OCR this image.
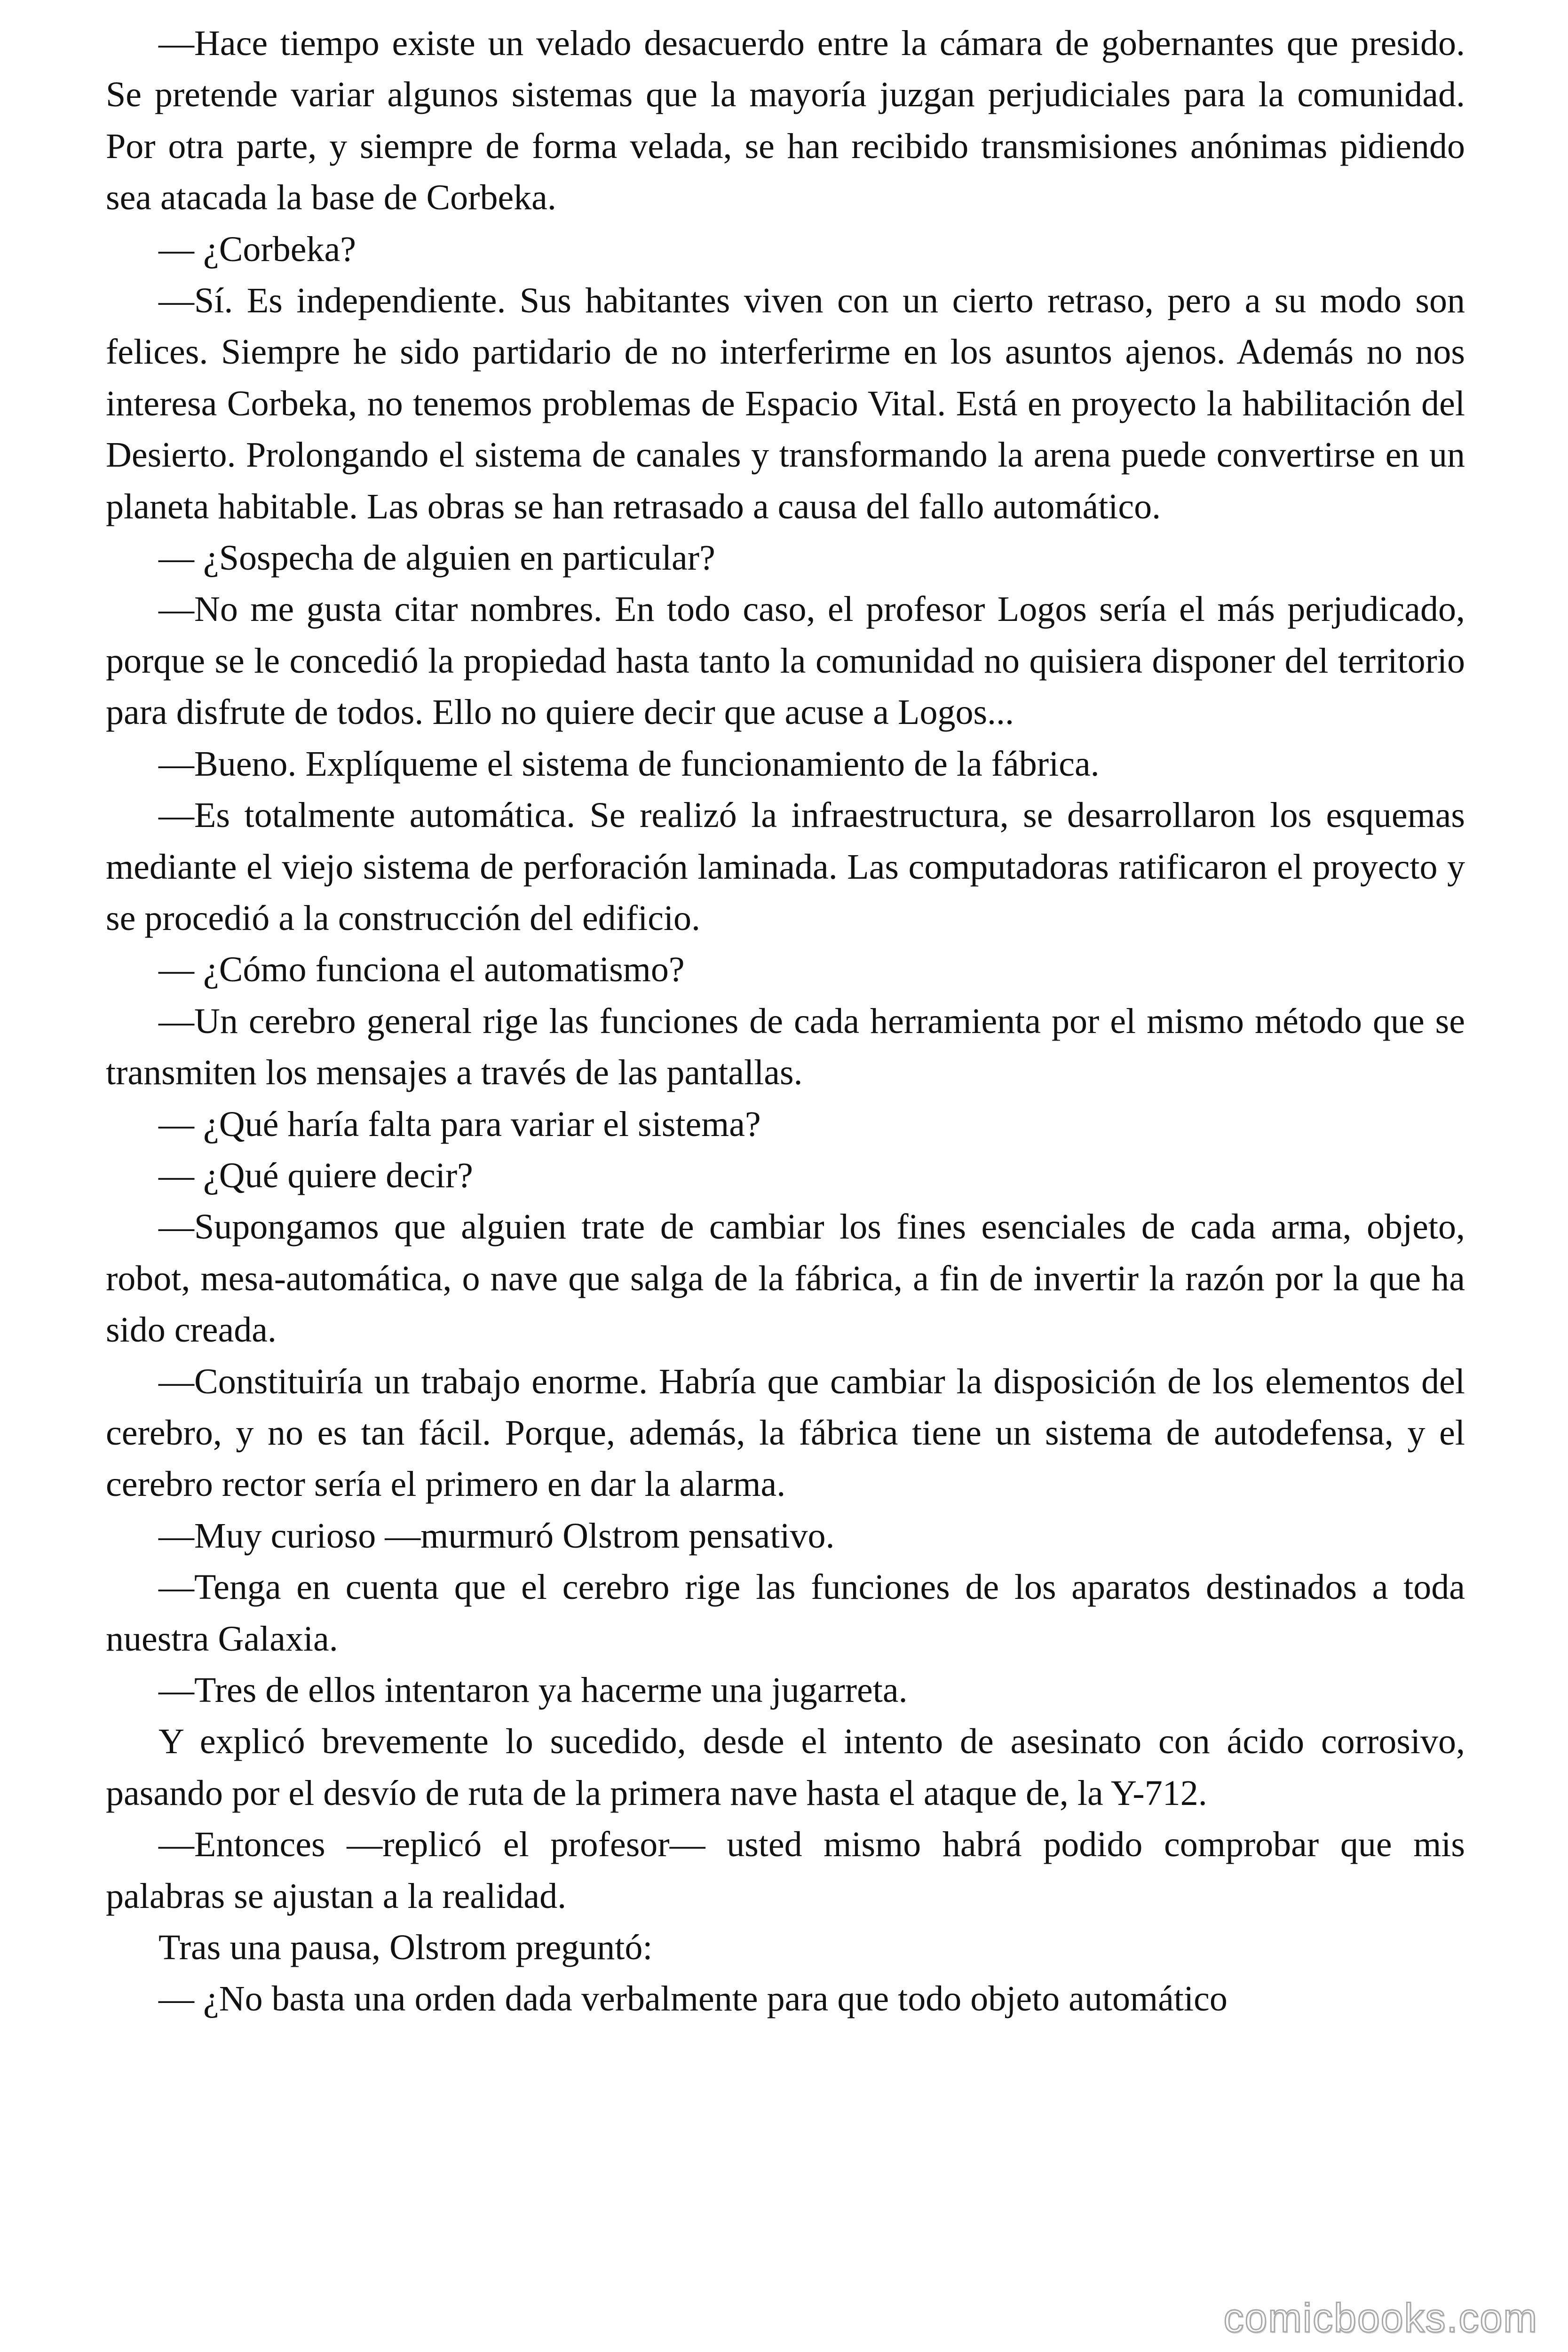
—Hace tiempo existe un velado desacuerdo entre la cámara de gobernantes que presido. Se pretende variar algunos sistemas que la mayoría juzgan perjudiciales para la comunidad. Por otra parte, y siempre de forma velada, se han recibido transmisiones anónimas pidiendo sea atacada la base de Corbeka.

— ¿Corbeka?

—Sí. Es independiente. Sus habitantes viven con un cierto retraso, pero a su modo son felices. Siempre he sido partidario de no interferirme en los asuntos ajenos. Además no nos interesa Corbeka, no tenemos problemas de Espacio Vital. Está en proyecto la habilitación del Desierto. Prolongando el sistema de canales y transformando la arena puede convertirse en un planeta habitable. Las obras se han retrasado a causa del fallo automático.

— ¿Sospecha de alguien en particular?

—No me gusta citar nombres. En todo caso, el profesor Logos sería el más perjudicado, porque se le concedió la propiedad hasta tanto la comunidad no quisiera disponer del territorio para disfrute de todos. Ello no quiere decir que acuse a Logos...

—Bueno. Explíqueme el sistema de funcionamiento de la fábrica.

—Es totalmente automática. Se realizó la infraestructura, se desarrollaron los esquemas mediante el viejo sistema de perforación laminada. Las computadoras ratificaron el proyecto y se procedió a la construcción del edificio.

— ¿Cómo funciona el automatismo?

—Un cerebro general rige las funciones de cada herramienta por el mismo método que se transmiten los mensajes a través de las pantallas.

— ¿Qué haría falta para variar el sistema?

— ¿Qué quiere decir?

—Supongamos que alguien trate de cambiar los fines esenciales de cada arma, objeto, robot, mesa-automática, o nave que salga de la fábrica, a fin de invertir la razón por la que ha sido creada.

—Constituiría un trabajo enorme. Habría que cambiar la disposición de los elementos del cerebro, y no es tan fácil. Porque, además, la fábrica tiene un sistema de autodefensa, y el cerebro rector sería el primero en dar la alarma.

—Muy curioso —murmuró Olstrom pensativo.

—Tenga en cuenta que el cerebro rige las funciones de los aparatos destinados a toda nuestra Galaxia.

—Tres de ellos intentaron ya hacerme una jugarreta.

Y explicó brevemente lo sucedido, desde el intento de asesinato con ácido corrosivo, pasando por el desvío de ruta de la primera nave hasta el ataque de, la Y-712.

—Entonces —replicó el profesor— usted mismo habrá podido comprobar que mis palabras se ajustan a la realidad.

Tras una pausa, Olstrom preguntó:

— ¿No basta una orden dada verbalmente para que todo objeto automático

comicbooks.com
